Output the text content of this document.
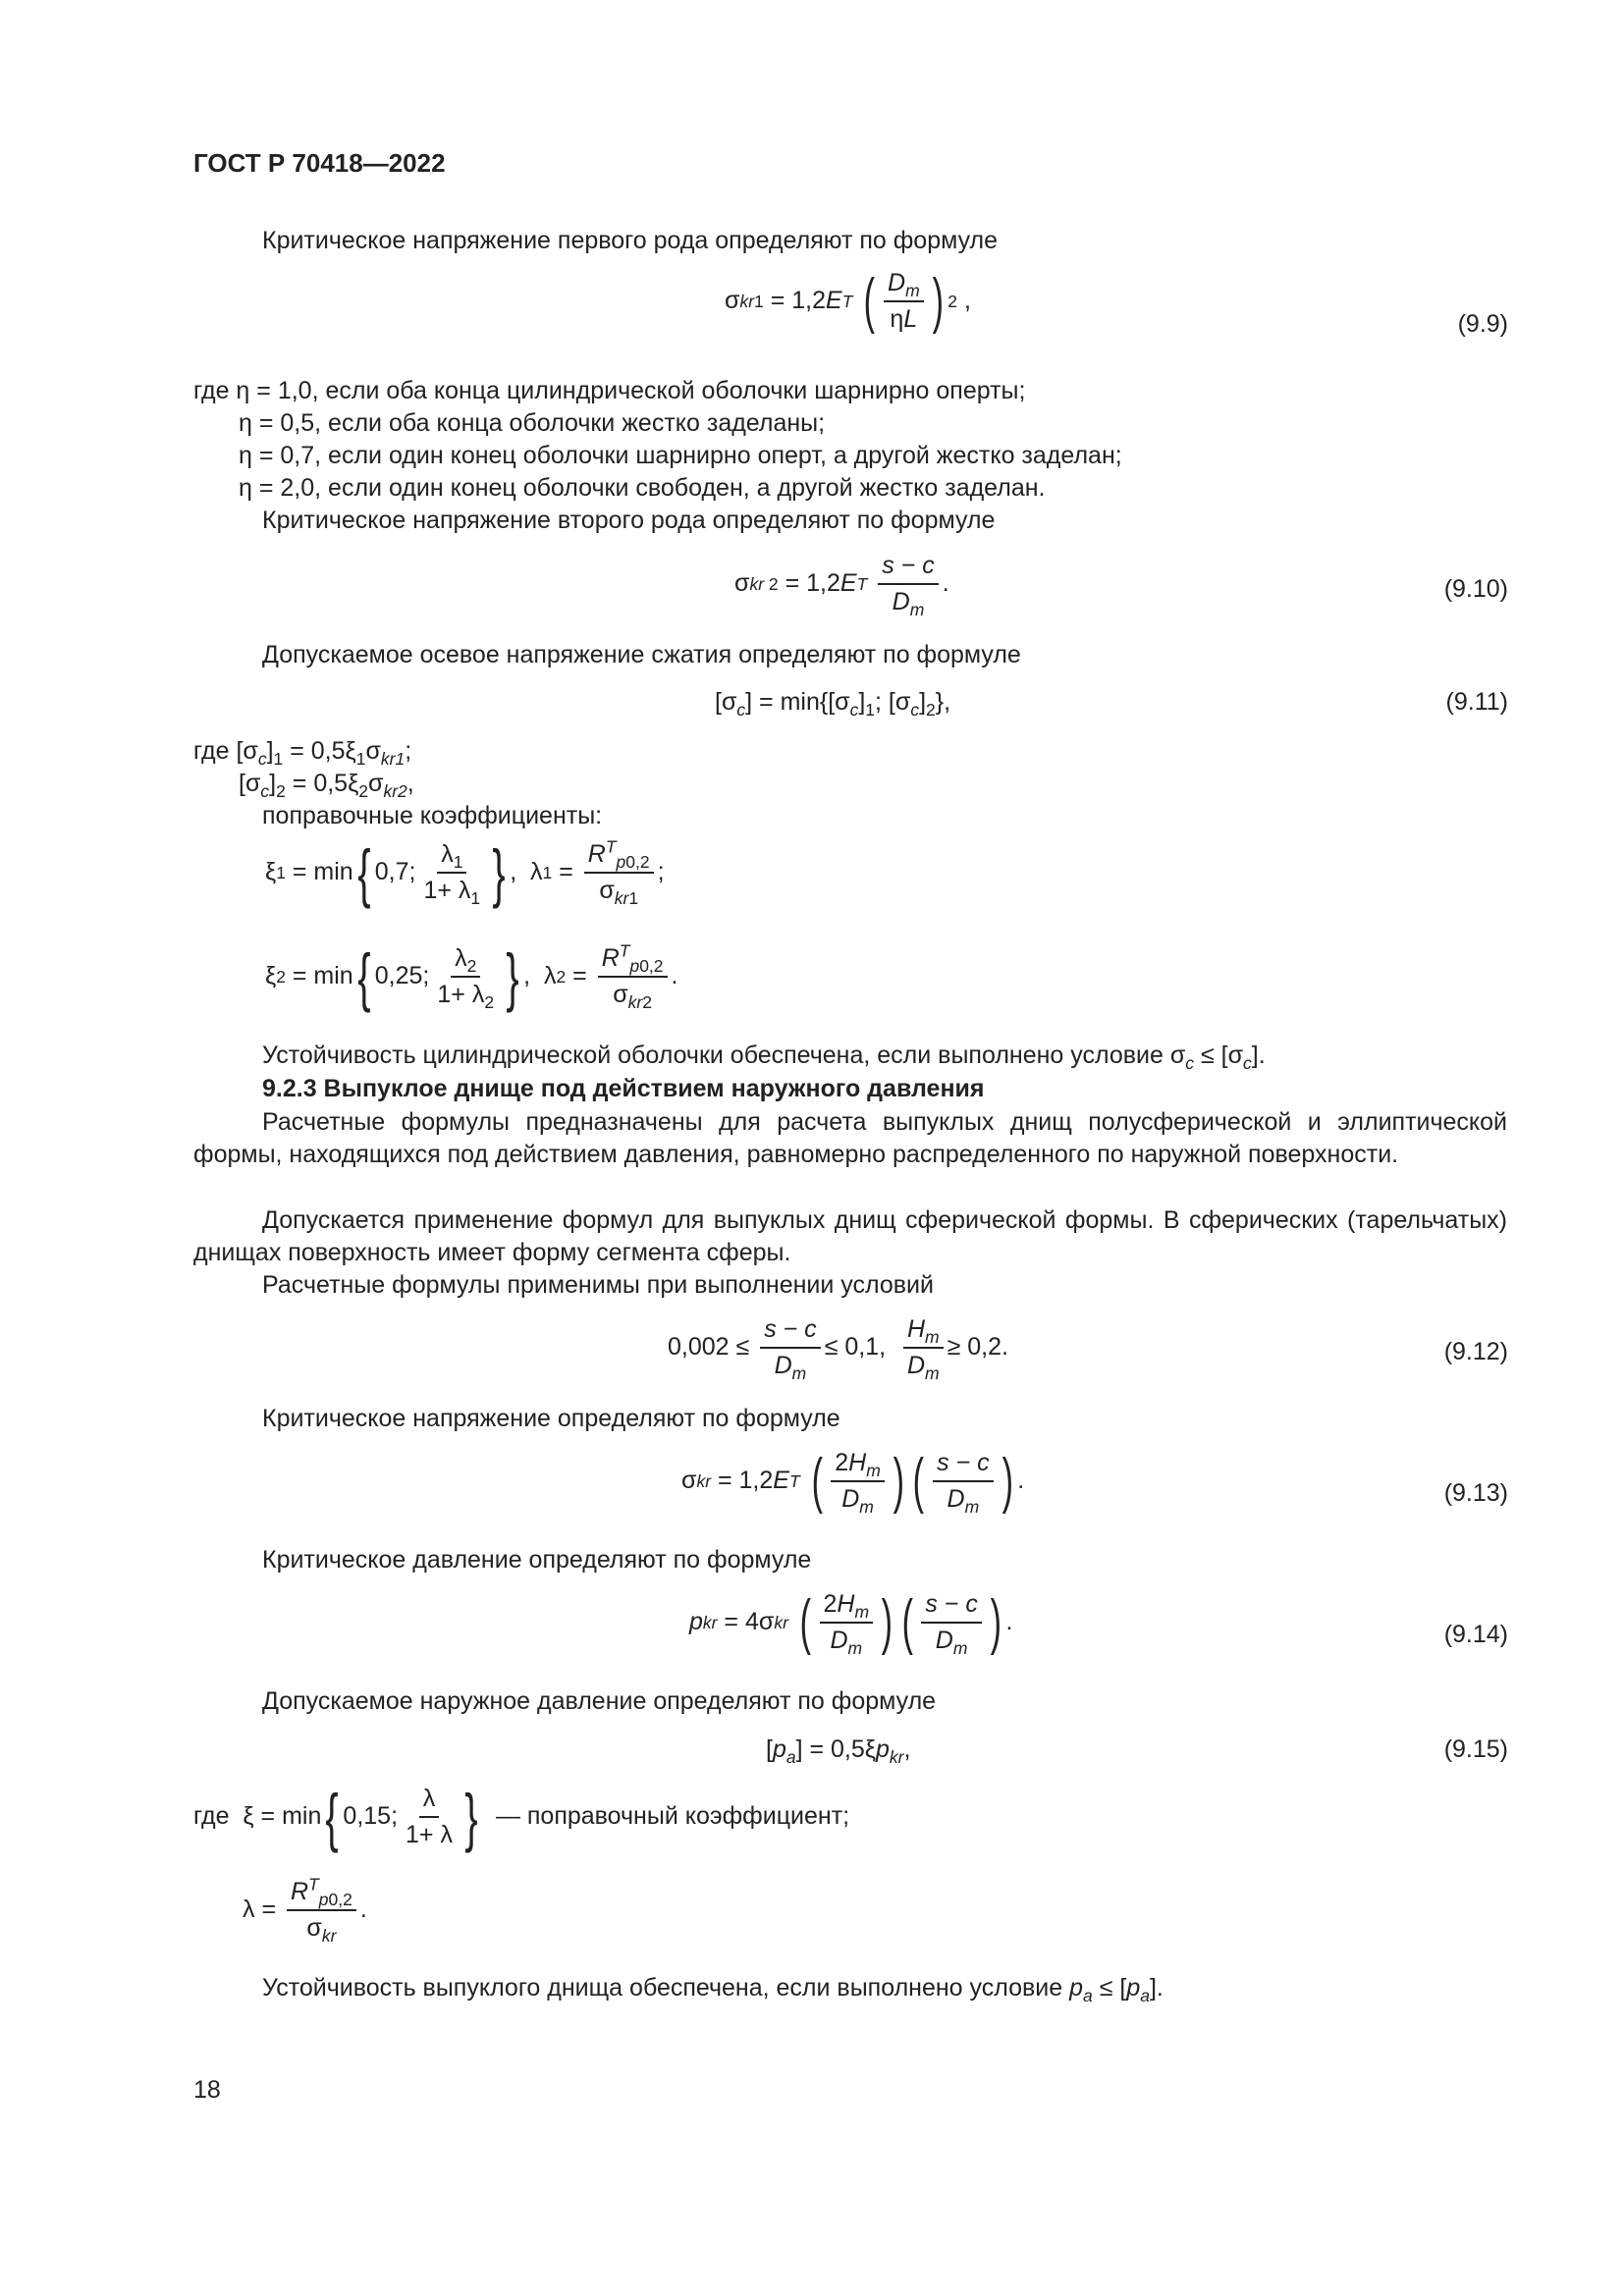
ГОСТ Р 70418—2022
Критическое напряжение первого рода определяют по формуле
σ kr 1 = 1,2 E T
( $\frac{D_m}{\eta L}$ ) 2 ,
(9.9)
где η = 1,0, если оба конца цилиндрической оболочки шарнирно оперты;
η = 0,5, если оба конца оболочки жестко заделаны;
η = 0,7, если один конец оболочки шарнирно оперт, а другой жестко заделан;
η = 2,0, если один конец оболочки свободен, а другой жестко заделан.
Критическое напряжение второго рода определяют по формуле
σ kr 2 = 1,2 E T
$\frac{s - c}{D_m}$ .	(9.10)
Допускаемое осевое напряжение сжатия определяют по формуле
$[\sigma_c] = \min\{[\sigma_c]_1$; $[\sigma_c]_2$},	(9.11)
где $[\sigma_c]_1 = 0,5\xi_1\sigma_{kr1}$;
$[\sigma_c]_2 = 0,5\xi_2\sigma_{kr2}$,
поправочные коэффициенты:
ξ 1 = min { 0,7; $\frac{\lambda_1}{1+ \lambda_1}$ } ,  λ $1 = \frac{R^T_{p0,2}}{\sigma_{kr1}}$ ;
ξ 2 = min { 0,25; $\frac{\lambda_2}{1+ \lambda_2}$ } ,  λ $2 = \frac{R^T_{p0,2}}{\sigma_{kr2}}$ .
Устойчивость цилиндрической оболочки обеспечена, если выполнено условие $\sigma_c \le [\sigma_c]$.
9.2.3 Выпуклое днище под действием наружного давления
Расчетные формулы предназначены для расчета выпуклых днищ полусферической и эллиптической формы, находящихся под действием давления, равномерно распределенного по наружной поверхности.
Допускается применение формул для выпуклых днищ сферической формы. В сферических (тарельчатых) днищах поверхность имеет форму сегмента сферы.
Расчетные формулы применимы при выполнении условий
$0,002 \le \frac{s - c}{D_m} \le 0,1$, $\frac{H_m}{D_m} \ge 0,2$.	(9.12)
Критическое напряжение определяют по формуле
σ kr = 1,2 E T
( $\frac{2H_m}{D_m}$ ) ( $\frac{s - c}{D_m}$ ) .	(9.13)
Критическое давление определяют по формуле
p kr = 4σ kr
( $\frac{2H_m}{D_m}$ ) ( $\frac{s - c}{D_m}$ ) .	(9.14)
Допускаемое наружное давление определяют по формуле
$[p_a] = 0,5\xi p_{kr}$,	(9.15)
где ξ = min { 0,15; $\frac{\lambda}{1+ \lambda}$ }
— поправочный коэффициент;
$\lambda = \frac{R^T_{p0,2}}{\sigma_{kr}}$ .
Устойчивость выпуклого днища обеспечена, если выполнено условие $p_a \le [p_a]$.
18
